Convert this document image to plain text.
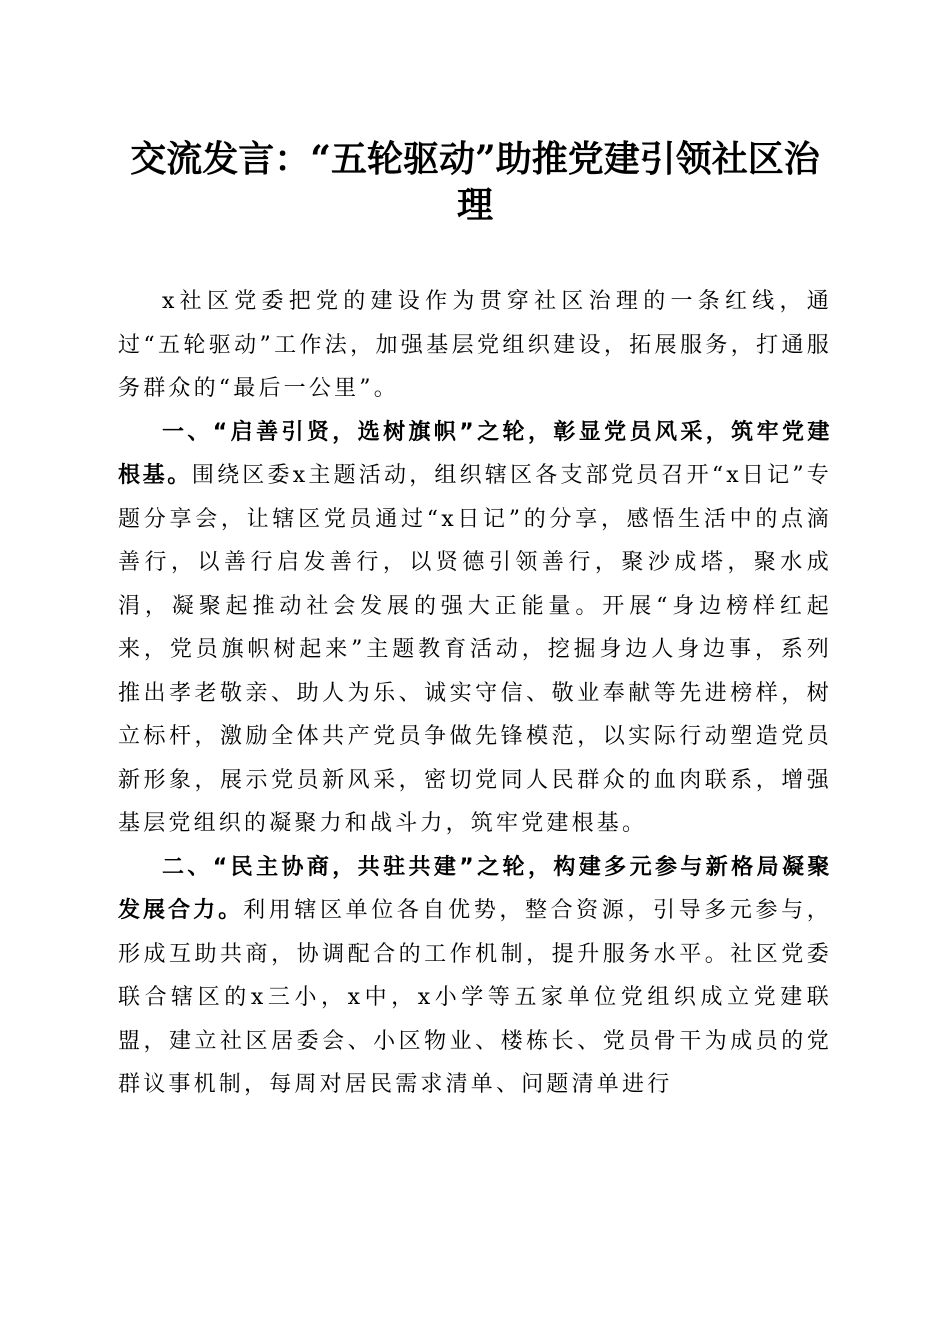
交流发言：“五轮驱动”助推党建引领社区治理

x社区党委把党的建设作为贯穿社区治理的一条红线，通过“五轮驱动”工作法，加强基层党组织建设，拓展服务，打通服务群众的“最后一公里”。

一、“启善引贤，选树旗帜”之轮，彰显党员风采，筑牢党建根基。围绕区委x主题活动，组织辖区各支部党员召开“x日记”专题分享会，让辖区党员通过“x日记”的分享，感悟生活中的点滴善行，以善行启发善行，以贤德引领善行，聚沙成塔，聚水成涓，凝聚起推动社会发展的强大正能量。开展“身边榜样红起来，党员旗帜树起来”主题教育活动，挖掘身边人身边事，系列推出孝老敬亲、助人为乐、诚实守信、敬业奉献等先进榜样，树立标杆，激励全体共产党员争做先锋模范，以实际行动塑造党员新形象，展示党员新风采，密切党同人民群众的血肉联系，增强基层党组织的凝聚力和战斗力，筑牢党建根基。

二、“民主协商，共驻共建”之轮，构建多元参与新格局凝聚发展合力。利用辖区单位各自优势，整合资源，引导多元参与，形成互助共商，协调配合的工作机制，提升服务水平。社区党委联合辖区的x三小，x中，x小学等五家单位党组织成立党建联盟，建立社区居委会、小区物业、楼栋长、党员骨干为成员的党群议事机制，每周对居民需求清单、问题清单进行
